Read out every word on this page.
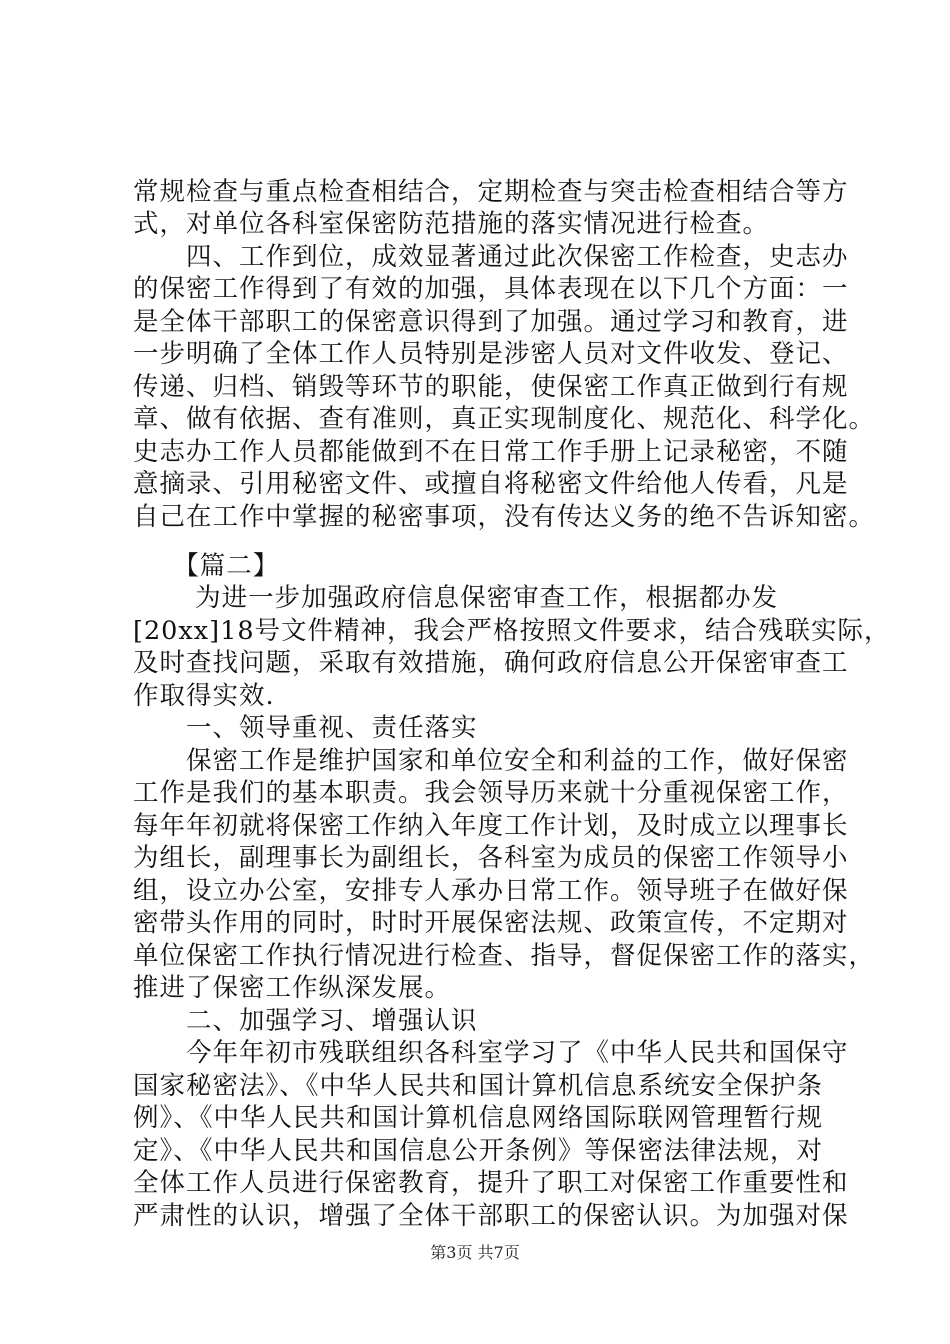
常规检查与重点检查相结合，定期检查与突击检查相结合等方
式，对单位各科室保密防范措施的落实情况进行检查。
　　四、工作到位，成效显著通过此次保密工作检查，史志办
的保密工作得到了有效的加强，具体表现在以下几个方面：一
是全体干部职工的保密意识得到了加强。通过学习和教育，进
一步明确了全体工作人员特别是涉密人员对文件收发、登记、
传递、归档、销毁等环节的职能，使保密工作真正做到行有规
章、做有依据、查有准则，真正实现制度化、规范化、科学化。
史志办工作人员都能做到不在日常工作手册上记录秘密，不随
意摘录、引用秘密文件、或擅自将秘密文件给他人传看，凡是
自己在工作中掌握的秘密事项，没有传达义务的绝不告诉知密。
　　【篇二】
　　 为进一步加强政府信息保密审查工作，根据都办发
[20xx]18号文件精神，我会严格按照文件要求，结合残联实际，
及时查找问题，采取有效措施，确何政府信息公开保密审查工
作取得实效.
　　一、领导重视、责任落实
　　保密工作是维护国家和单位安全和利益的工作，做好保密
工作是我们的基本职责。我会领导历来就十分重视保密工作，
每年年初就将保密工作纳入年度工作计划，及时成立以理事长
为组长，副理事长为副组长，各科室为成员的保密工作领导小
组，设立办公室，安排专人承办日常工作。领导班子在做好保
密带头作用的同时，时时开展保密法规、政策宣传，不定期对
单位保密工作执行情况进行检查、指导，督促保密工作的落实，
推进了保密工作纵深发展。
　　二、加强学习、增强认识
　　今年年初市残联组织各科室学习了《中华人民共和国保守
国家秘密法》、《中华人民共和国计算机信息系统安全保护条
例》、《中华人民共和国计算机信息网络国际联网管理暂行规
定》、《中华人民共和国信息公开条例》等保密法律法规，对
全体工作人员进行保密教育，提升了职工对保密工作重要性和
严肃性的认识，增强了全体干部职工的保密认识。为加强对保
第3页 共7页
